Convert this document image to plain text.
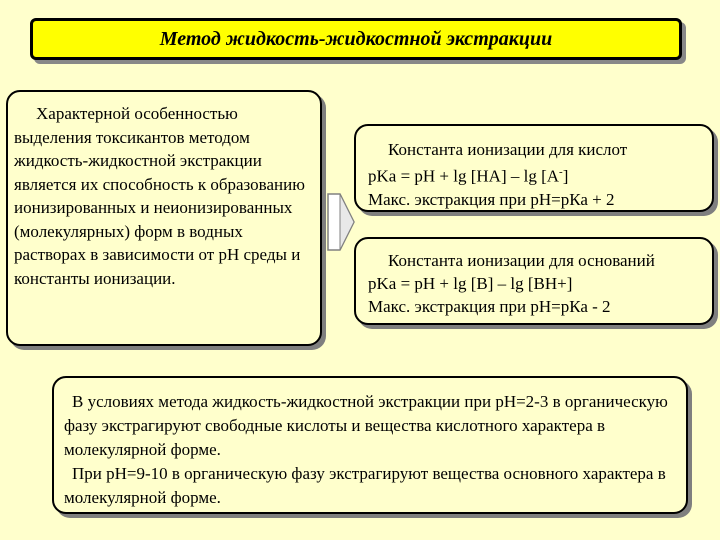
Метод жидкость-жидкостной экстракции

Характерной особенностью выделения токсикантов методом жидкость-жидкостной экстракции является их способность к образованию ионизированных и неионизированных (молекулярных) форм в водных растворах в зависимости от рН среды и константы ионизации.

Константа ионизации для кислот
pKa = pH + lg [HA] – lg [A-]
Макс. экстракция при рН=рКа + 2
Константа ионизации для оснований
pKa = pH + lg [B] – lg [BH+]
Макс. экстракция при рН=рКа - 2

В условиях метода жидкость-жидкостной экстракции при рН=2-3 в органическую фазу экстрагируют свободные кислоты и вещества кислотного характера в молекулярной форме.

При рН=9-10 в органическую фазу экстрагируют вещества основного характера в молекулярной форме.
